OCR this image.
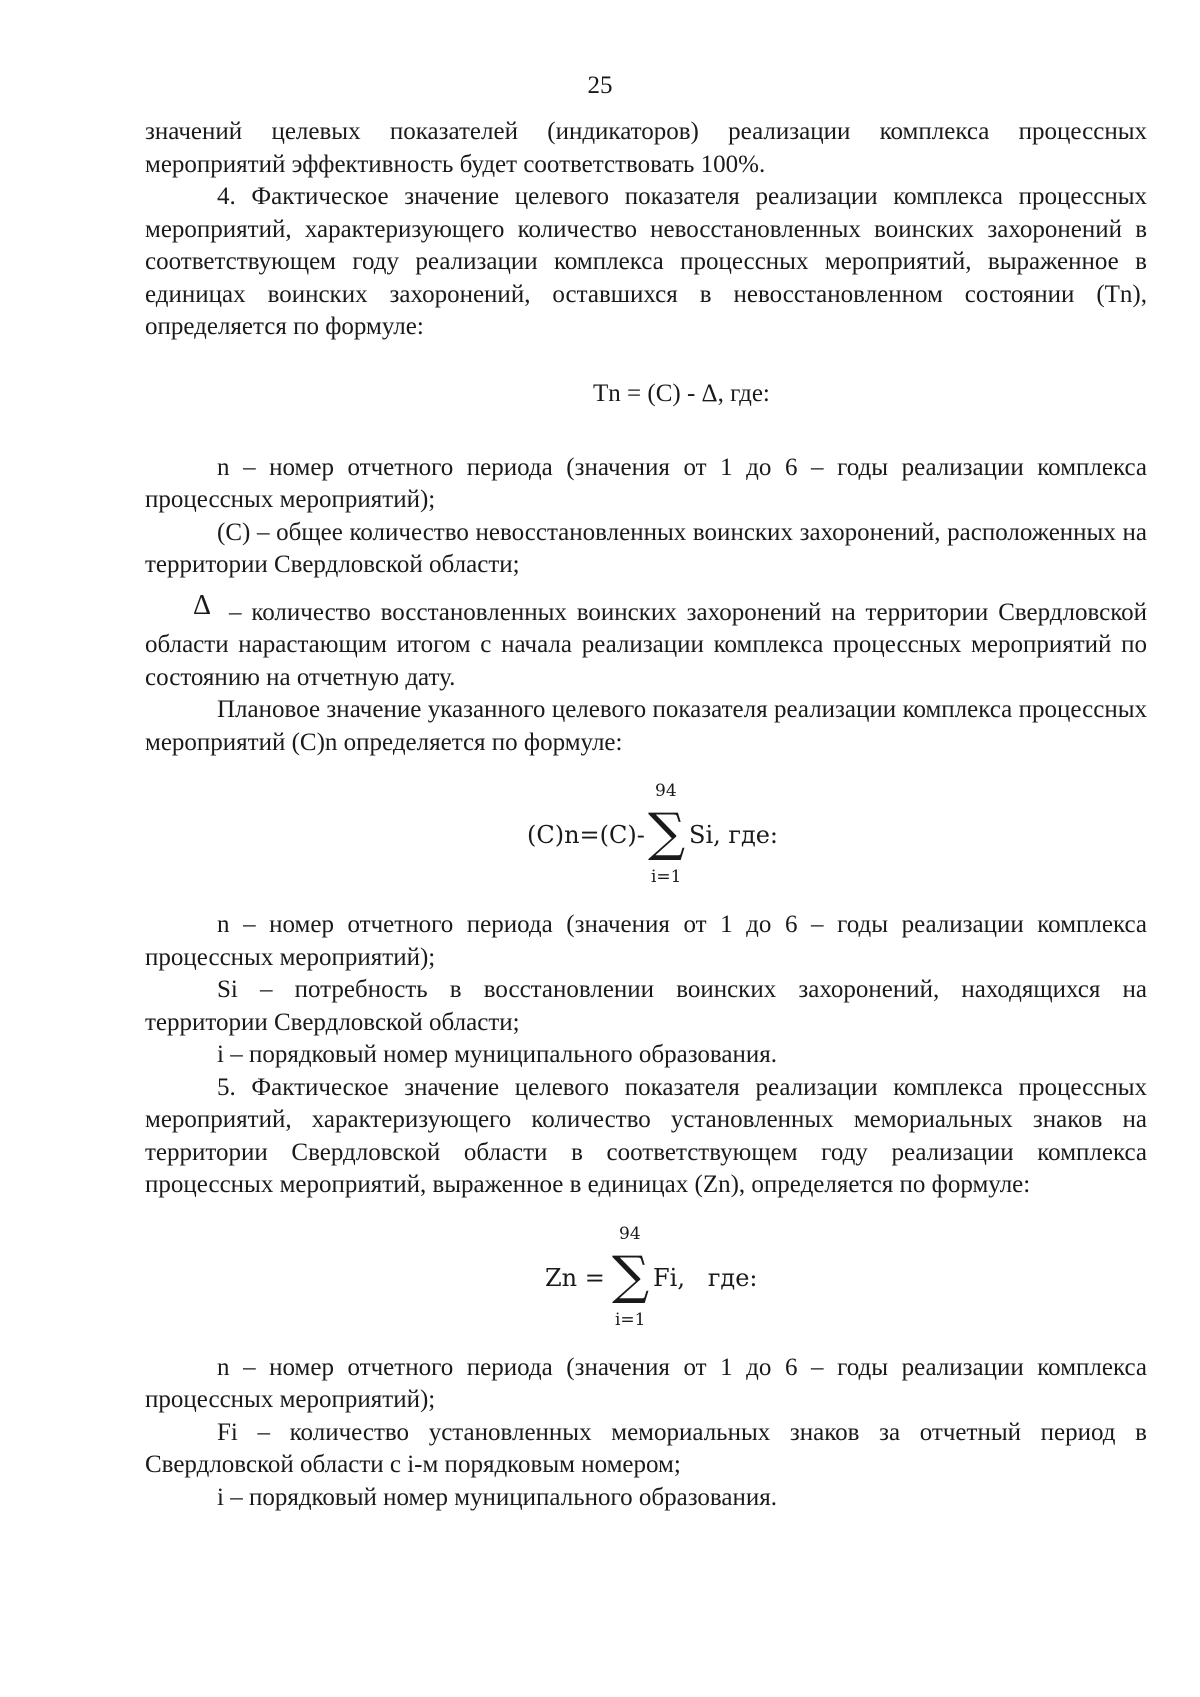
25

значений целевых показателей (индикаторов) реализации комплекса процессных мероприятий эффективность будет соответствовать 100%.

4. Фактическое значение целевого показателя реализации комплекса процессных мероприятий, характеризующего количество невосстановленных воинских захоронений в соответствующем году реализации комплекса процессных мероприятий, выраженное в единицах воинских захоронений, оставшихся в невосстановленном состоянии (Tn), определяется по формуле:

Tn = (C) - Δ, где:

n – номер отчетного периода (значения от 1 до 6 – годы реализации комплекса процессных мероприятий);

(C) – общее количество невосстановленных воинских захоронений, расположенных на территории Свердловской области;

Δ – количество восстановленных воинских захоронений на территории Свердловской области нарастающим итогом с начала реализации комплекса процессных мероприятий по состоянию на отчетную дату.

Плановое значение указанного целевого показателя реализации комплекса процессных мероприятий (C)n определяется по формуле:

(C)n=(C)-
94
∑
i=1
Si, где:

n – номер отчетного периода (значения от 1 до 6 – годы реализации комплекса процессных мероприятий);

Si – потребность в восстановлении воинских захоронений, находящихся на территории Свердловской области;

i – порядковый номер муниципального образования.

5. Фактическое значение целевого показателя реализации комплекса процессных мероприятий, характеризующего количество установленных мемориальных знаков на территории Свердловской области в соответствующем году реализации комплекса процессных мероприятий, выраженное в единицах (Zn), определяется по формуле:

Zn =
94
∑
i=1
Fi,   где:

n – номер отчетного периода (значения от 1 до 6 – годы реализации комплекса процессных мероприятий);

Fi – количество установленных мемориальных знаков за отчетный период в Свердловской области с i-м порядковым номером;

i – порядковый номер муниципального образования.
